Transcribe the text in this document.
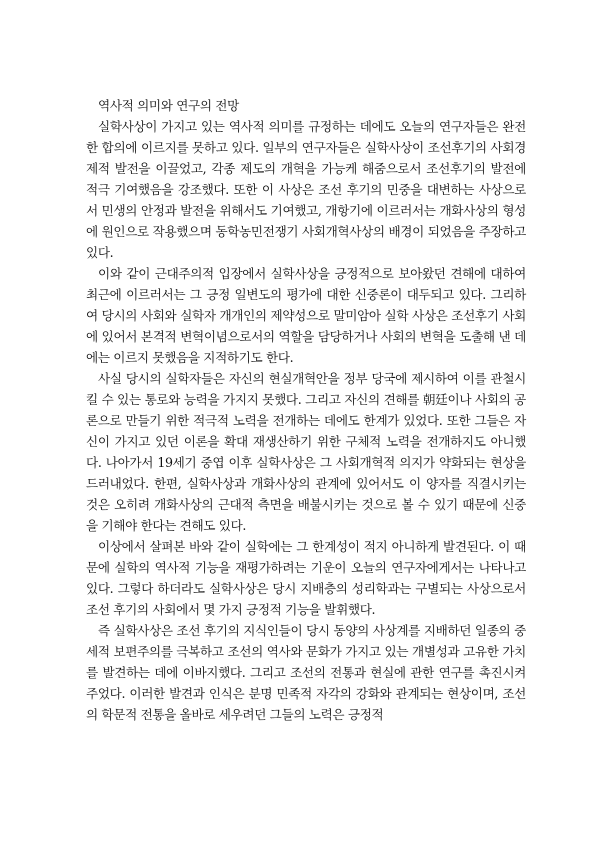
역사적 의미와 연구의 전망

실학사상이 가지고 있는 역사적 의미를 규정하는 데에도 오늘의 연구자들은 완전한 합의에 이르지를 못하고 있다. 일부의 연구자들은 실학사상이 조선후기의 사회경제적 발전을 이끌었고, 각종 제도의 개혁을 가능케 해줌으로서 조선후기의 발전에 적극 기여했음을 강조했다. 또한 이 사상은 조선 후기의 민중을 대변하는 사상으로서 민생의 안정과 발전을 위해서도 기여했고, 개항기에 이르러서는 개화사상의 형성에 원인으로 작용했으며 동학농민전쟁기 사회개혁사상의 배경이 되었음을 주장하고 있다.

이와 같이 근대주의적 입장에서 실학사상을 긍정적으로 보아왔던 견해에 대하여 최근에 이르러서는 그 긍정 일변도의 평가에 대한 신중론이 대두되고 있다. 그리하여 당시의 사회와 실학자 개개인의 제약성으로 말미암아 실학 사상은 조선후기 사회에 있어서 본격적 변혁이념으로서의 역할을 담당하거나 사회의 변혁을 도출해 낸 데에는 이르지 못했음을 지적하기도 한다.

사실 당시의 실학자들은 자신의 현실개혁안을 정부 당국에 제시하여 이를 관철시킬 수 있는 통로와 능력을 가지지 못했다. 그리고 자신의 견해를 朝廷이나 사회의 공론으로 만들기 위한 적극적 노력을 전개하는 데에도 한계가 있었다. 또한 그들은 자신이 가지고 있던 이론을 확대 재생산하기 위한 구체적 노력을 전개하지도 아니했다. 나아가서 19세기 중엽 이후 실학사상은 그 사회개혁적 의지가 약화되는 현상을 드러내었다. 한편, 실학사상과 개화사상의 관계에 있어서도 이 양자를 직결시키는 것은 오히려 개화사상의 근대적 측면을 배불시키는 것으로 볼 수 있기 때문에 신중을 기해야 한다는 견해도 있다.

이상에서 살펴본 바와 같이 실학에는 그 한계성이 적지 아니하게 발견된다. 이 때문에 실학의 역사적 기능을 재평가하려는 기운이 오늘의 연구자에게서는 나타나고 있다. 그렇다 하더라도 실학사상은 당시 지배층의 성리학과는 구별되는 사상으로서 조선 후기의 사회에서 몇 가지 긍정적 기능을 발휘했다.

즉 실학사상은 조선 후기의 지식인들이 당시 동양의 사상계를 지배하던 일종의 중세적 보편주의를 극복하고 조선의 역사와 문화가 가지고 있는 개별성과 고유한 가치를 발견하는 데에 이바지했다. 그리고 조선의 전통과 현실에 관한 연구를 촉진시켜 주었다. 이러한 발견과 인식은 분명 민족적 자각의 강화와 관계되는 현상이며, 조선의 학문적 전통을 올바로 세우려던 그들의 노력은 긍정적
